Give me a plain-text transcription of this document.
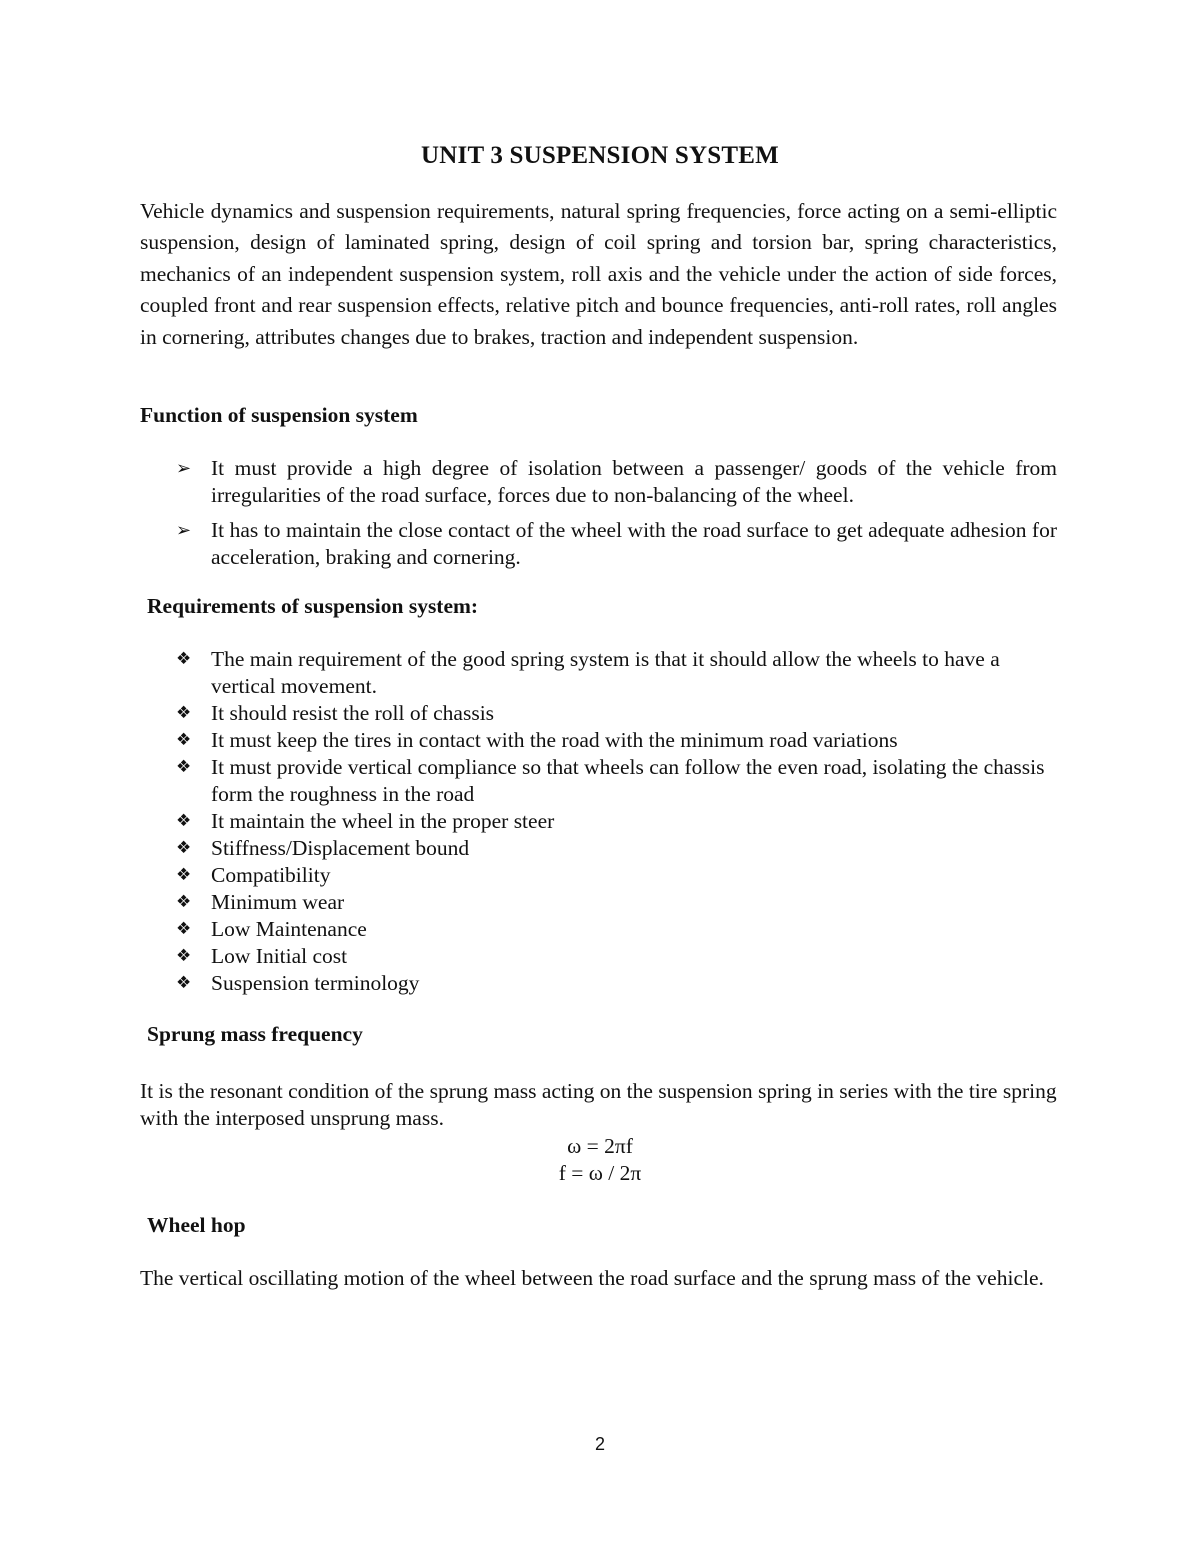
UNIT 3 SUSPENSION SYSTEM

Vehicle dynamics and suspension requirements, natural spring frequencies, force acting on a semi-elliptic suspension, design of laminated spring, design of coil spring and torsion bar, spring characteristics, mechanics of an independent suspension system, roll axis and the vehicle under the action of side forces, coupled front and rear suspension effects, relative pitch and bounce frequencies, anti-roll rates, roll angles in cornering, attributes changes due to brakes, traction and independent suspension.

Function of suspension system
➢ It must provide a high degree of isolation between a passenger/ goods of the vehicle from irregularities of the road surface, forces due to non-balancing of the wheel.
➢ It has to maintain the close contact of the wheel with the road surface to get adequate adhesion for acceleration, braking and cornering.
Requirements of suspension system:
❖ The main requirement of the good spring system is that it should allow the wheels to have a vertical movement.
❖ It should resist the roll of chassis
❖ It must keep the tires in contact with the road with the minimum road variations
❖ It must provide vertical compliance so that wheels can follow the even road, isolating the chassis form the roughness in the road
❖ It maintain the wheel in the proper steer
❖ Stiffness/Displacement bound
❖ Compatibility
❖ Minimum wear
❖ Low Maintenance
❖ Low Initial cost
❖ Suspension terminology
Sprung mass frequency

It is the resonant condition of the sprung mass acting on the suspension spring in series with the tire spring with the interposed unsprung mass.

ω = 2πf
f = ω / 2π
Wheel hop

The vertical oscillating motion of the wheel between the road surface and the sprung mass of the vehicle.

2
